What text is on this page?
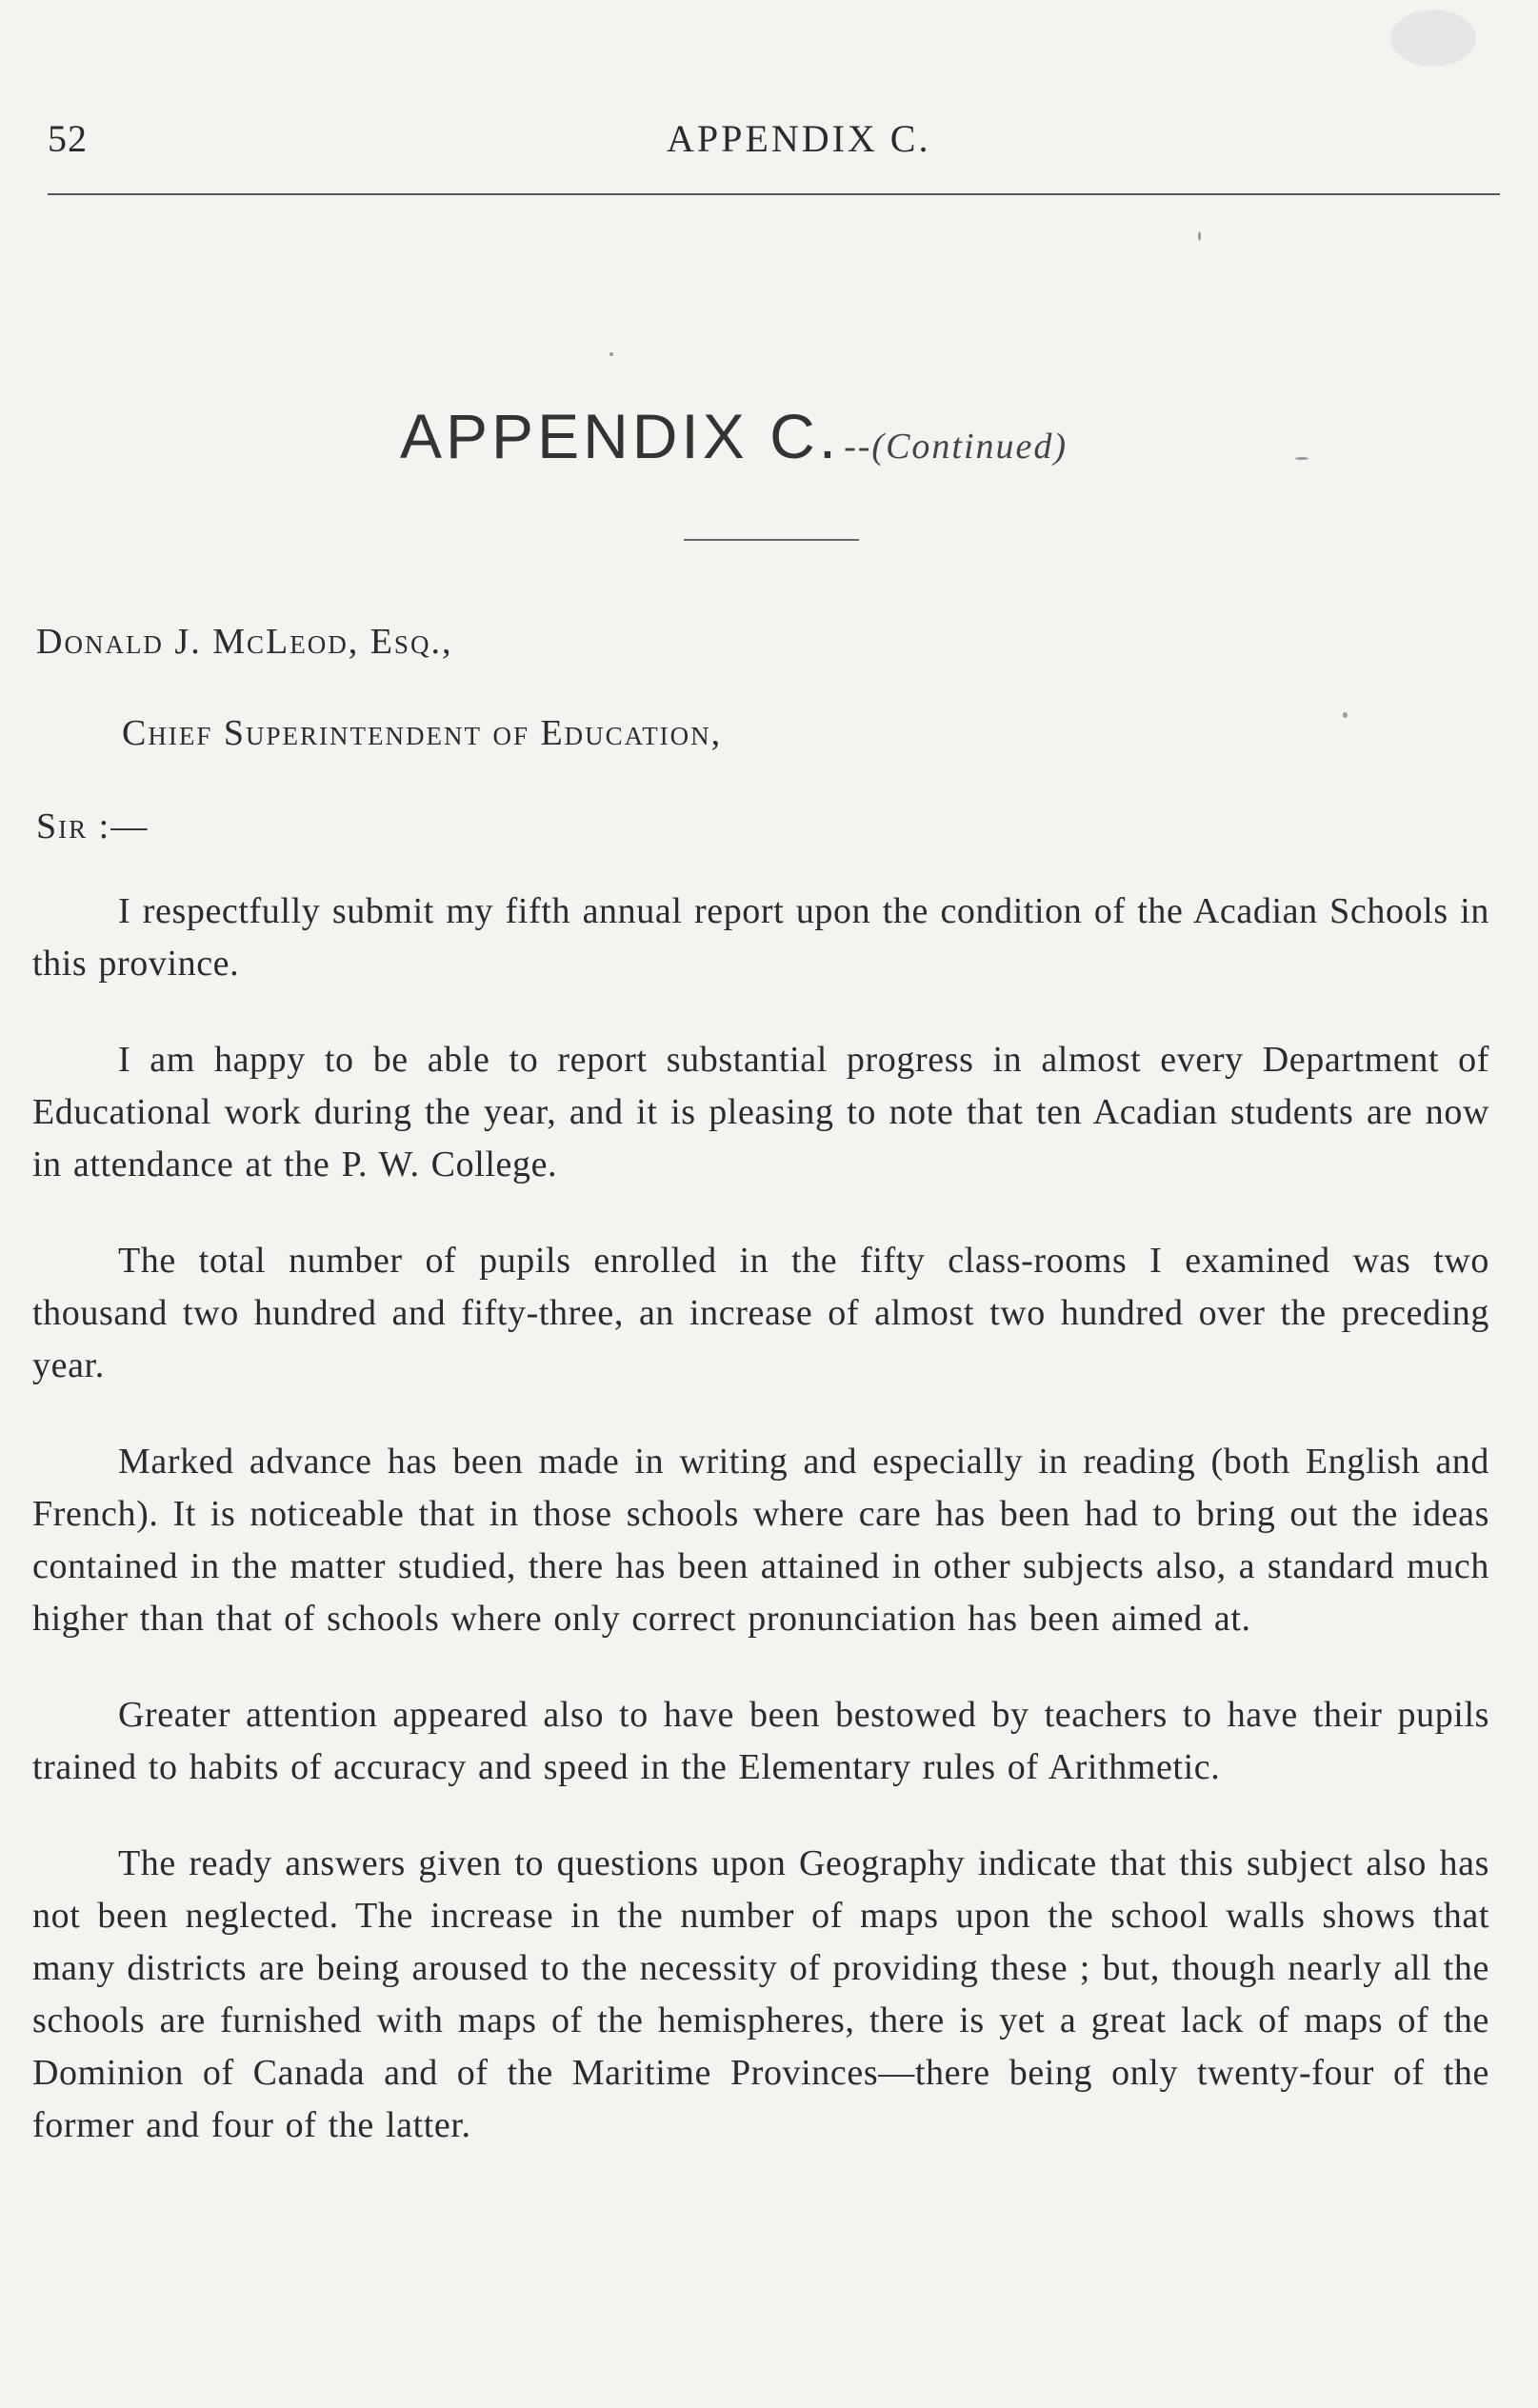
52	APPENDIX C.
APPENDIX C. --(Continued)
Donald J. McLeod, Esq.,
Chief Superintendent of Education,
Sir :—

I respectfully submit my fifth annual report upon the condition of the Acadian Schools in this province.

I am happy to be able to report substantial progress in almost every Department of Educational work during the year, and it is pleasing to note that ten Acadian students are now in attendance at the P. W. College.

The total number of pupils enrolled in the fifty class-rooms I examined was two thousand two hundred and fifty-three, an increase of almost two hundred over the preceding year.

Marked advance has been made in writing and especially in reading (both English and French). It is noticeable that in those schools where care has been had to bring out the ideas contained in the matter studied, there has been attained in other subjects also, a standard much higher than that of schools where only correct pronunciation has been aimed at.

Greater attention appeared also to have been bestowed by teachers to have their pupils trained to habits of accuracy and speed in the Elementary rules of Arithmetic.

The ready answers given to questions upon Geography indicate that this subject also has not been neglected. The increase in the number of maps upon the school walls shows that many districts are being aroused to the necessity of providing these ; but, though nearly all the schools are furnished with maps of the hemispheres, there is yet a great lack of maps of the Dominion of Canada and of the Maritime Provinces—there being only twenty-four of the former and four of the latter.
